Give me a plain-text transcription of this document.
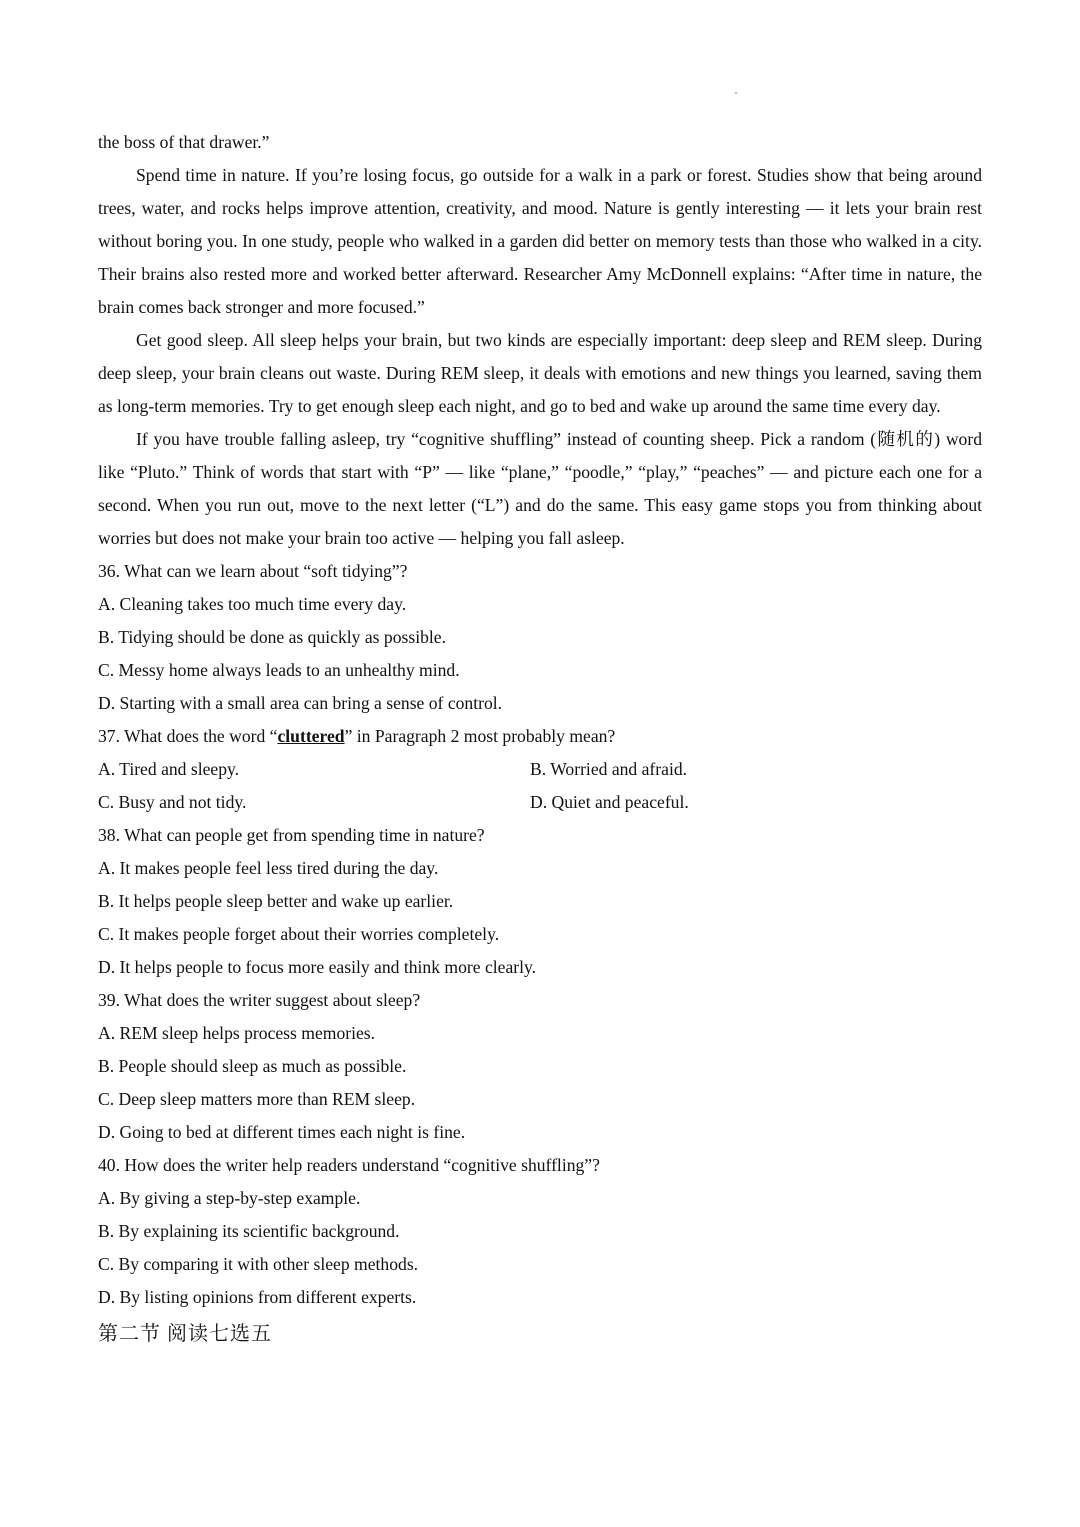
the boss of that drawer.”

Spend time in nature. If you’re losing focus, go outside for a walk in a park or forest. Studies show that being around trees, water, and rocks helps improve attention, creativity, and mood. Nature is gently interesting — it lets your brain rest without boring you. In one study, people who walked in a garden did better on memory tests than those who walked in a city. Their brains also rested more and worked better afterward. Researcher Amy McDonnell explains: “After time in nature, the brain comes back stronger and more focused.”

Get good sleep. All sleep helps your brain, but two kinds are especially important: deep sleep and REM sleep. During deep sleep, your brain cleans out waste. During REM sleep, it deals with emotions and new things you learned, saving them as long-term memories. Try to get enough sleep each night, and go to bed and wake up around the same time every day.

If you have trouble falling asleep, try “cognitive shuffling” instead of counting sheep. Pick a random (随机的) word like “Pluto.” Think of words that start with “P” — like “plane,” “poodle,” “play,” “peaches” — and picture each one for a second. When you run out, move to the next letter (“L”) and do the same. This easy game stops you from thinking about worries but does not make your brain too active — helping you fall asleep.

36. What can we learn about “soft tidying”?
A. Cleaning takes too much time every day.
B. Tidying should be done as quickly as possible.
C. Messy home always leads to an unhealthy mind.
D. Starting with a small area can bring a sense of control.
37. What does the word “cluttered” in Paragraph 2 most probably mean?
A. Tired and sleepy.	B. Worried and afraid.
C. Busy and not tidy.	D. Quiet and peaceful.
38. What can people get from spending time in nature?
A. It makes people feel less tired during the day.
B. It helps people sleep better and wake up earlier.
C. It makes people forget about their worries completely.
D. It helps people to focus more easily and think more clearly.
39. What does the writer suggest about sleep?
A. REM sleep helps process memories.
B. People should sleep as much as possible.
C. Deep sleep matters more than REM sleep.
D. Going to bed at different times each night is fine.
40. How does the writer help readers understand “cognitive shuffling”?
A. By giving a step-by-step example.
B. By explaining its scientific background.
C. By comparing it with other sleep methods.
D. By listing opinions from different experts.
第二节 阅读七选五
